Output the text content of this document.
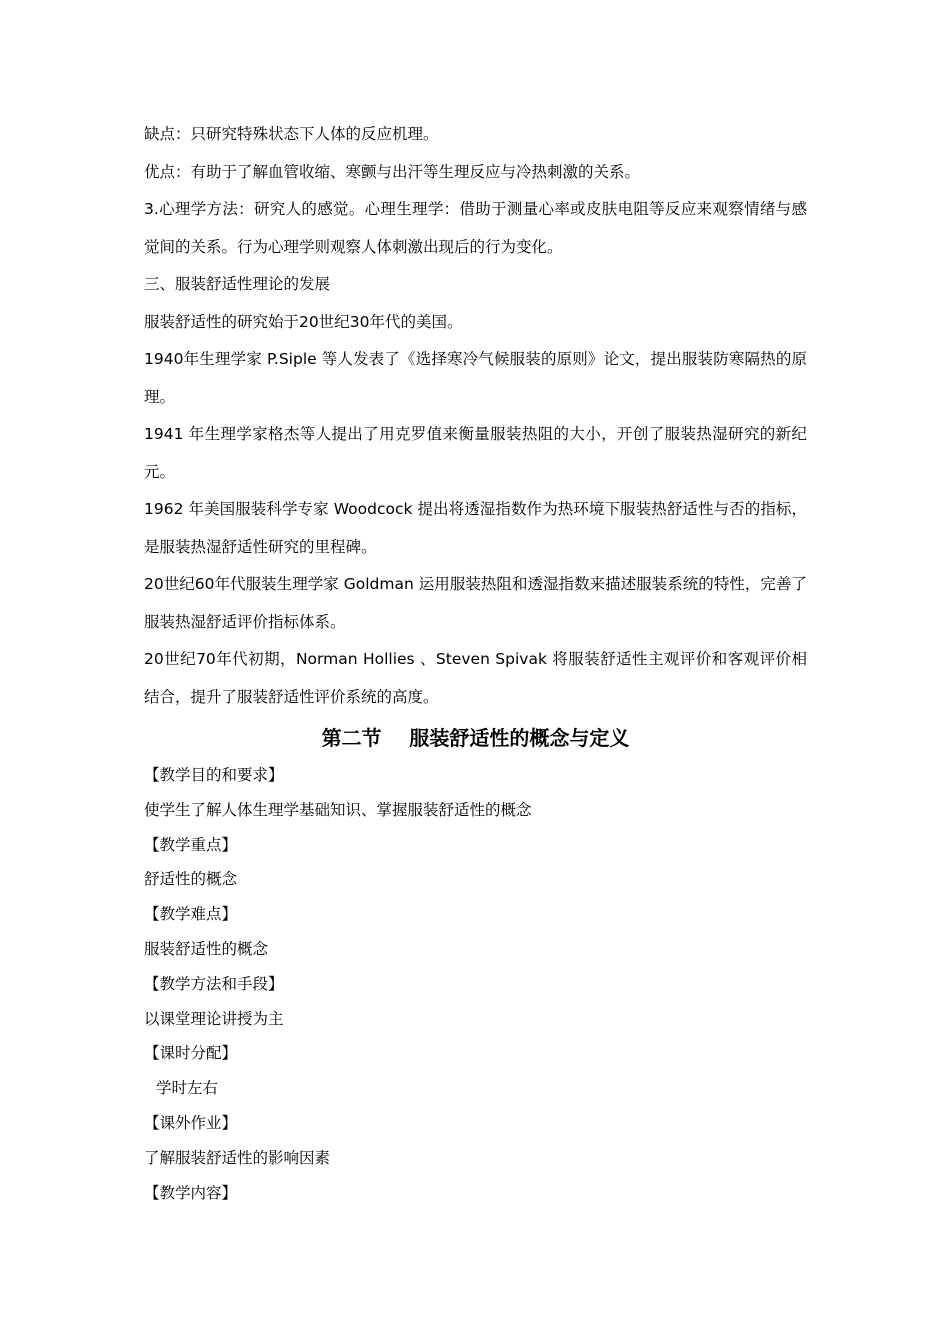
缺点：只研究特殊状态下人体的反应机理。

优点：有助于了解血管收缩、寒颤与出汗等生理反应与冷热刺激的关系。

3.心理学方法：研究人的感觉。心理生理学：借助于测量心率或皮肤电阻等反应来观察情绪与感觉间的关系。行为心理学则观察人体刺激出现后的行为变化。

三、服装舒适性理论的发展

服装舒适性的研究始于20世纪30年代的美国。

1940年生理学家 P.Siple 等人发表了《选择寒冷气候服装的原则》论文，提出服装防寒隔热的原理。

1941 年生理学家格杰等人提出了用克罗值来衡量服装热阻的大小，开创了服装热湿研究的新纪元。

1962 年美国服装科学专家 Woodcock 提出将透湿指数作为热环境下服装热舒适性与否的指标，是服装热湿舒适性研究的里程碑。

20世纪60年代服装生理学家 Goldman 运用服装热阻和透湿指数来描述服装系统的特性，完善了服装热湿舒适评价指标体系。

20世纪70年代初期，Norman Hollies 、Steven Spivak 将服装舒适性主观评价和客观评价相结合，提升了服装舒适性评价系统的高度。

第二节    服装舒适性的概念与定义

【教学目的和要求】

使学生了解人体生理学基础知识、掌握服装舒适性的概念

【教学重点】

舒适性的概念

【教学难点】

服装舒适性的概念

【教学方法和手段】

以课堂理论讲授为主

【课时分配】

学时左右

【课外作业】

了解服装舒适性的影响因素

【教学内容】
